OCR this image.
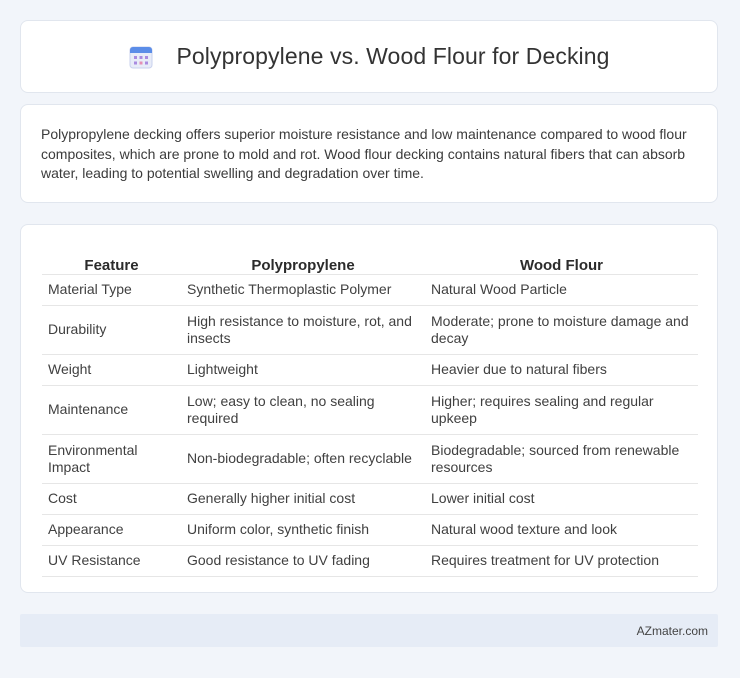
Polypropylene vs. Wood Flour for Decking

Polypropylene decking offers superior moisture resistance and low maintenance compared to wood flour composites, which are prone to mold and rot. Wood flour decking contains natural fibers that can absorb water, leading to potential swelling and degradation over time.

Feature	Polypropylene	Wood Flour
Material Type	Synthetic Thermoplastic Polymer	Natural Wood Particle
Durability	High resistance to moisture, rot, and insects	Moderate; prone to moisture damage and decay
Weight	Lightweight	Heavier due to natural fibers
Maintenance	Low; easy to clean, no sealing required	Higher; requires sealing and regular upkeep
Environmental Impact	Non-biodegradable; often recyclable	Biodegradable; sourced from renewable resources
Cost	Generally higher initial cost	Lower initial cost
Appearance	Uniform color, synthetic finish	Natural wood texture and look
UV Resistance	Good resistance to UV fading	Requires treatment for UV protection
AZmater.com
